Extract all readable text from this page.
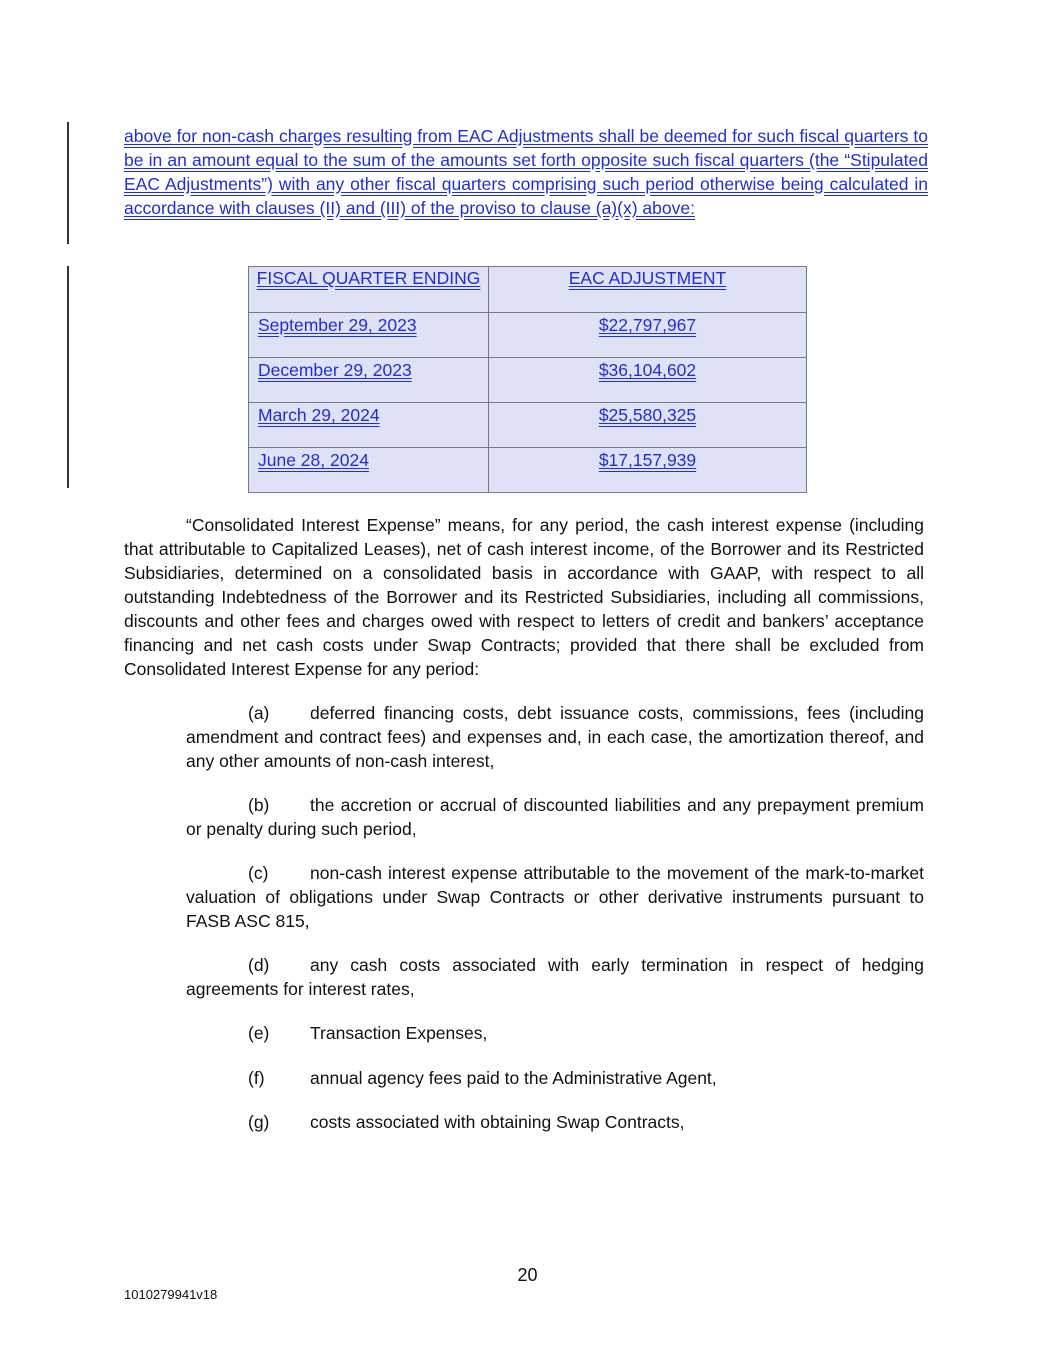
above for non-cash charges resulting from EAC Adjustments shall be deemed for such fiscal quarters to be in an amount equal to the sum of the amounts set forth opposite such fiscal quarters (the “Stipulated EAC Adjustments”) with any other fiscal quarters comprising such period otherwise being calculated in accordance with clauses (II) and (III) of the proviso to clause (a)(x) above:

FISCAL QUARTER ENDING	EAC ADJUSTMENT
September 29, 2023	$22,797,967
December 29, 2023	$36,104,602
March 29, 2024	$25,580,325
June 28, 2024	$17,157,939

“Consolidated Interest Expense” means, for any period, the cash interest expense (including that attributable to Capitalized Leases), net of cash interest income, of the Borrower and its Restricted Subsidiaries, determined on a consolidated basis in accordance with GAAP, with respect to all outstanding Indebtedness of the Borrower and its Restricted Subsidiaries, including all commissions, discounts and other fees and charges owed with respect to letters of credit and bankers’ acceptance financing and net cash costs under Swap Contracts; provided that there shall be excluded from Consolidated Interest Expense for any period:

(a) deferred financing costs, debt issuance costs, commissions, fees (including amendment and contract fees) and expenses and, in each case, the amortization thereof, and any other amounts of non-cash interest,

(b) the accretion or accrual of discounted liabilities and any prepayment premium or penalty during such period,

(c) non-cash interest expense attributable to the movement of the mark-to-market valuation of obligations under Swap Contracts or other derivative instruments pursuant to FASB ASC 815,

(d) any cash costs associated with early termination in respect of hedging agreements for interest rates,

(e) Transaction Expenses,

(f)	annual agency fees paid to the Administrative Agent,

(g) costs associated with obtaining Swap Contracts,

20
1010279941v18
